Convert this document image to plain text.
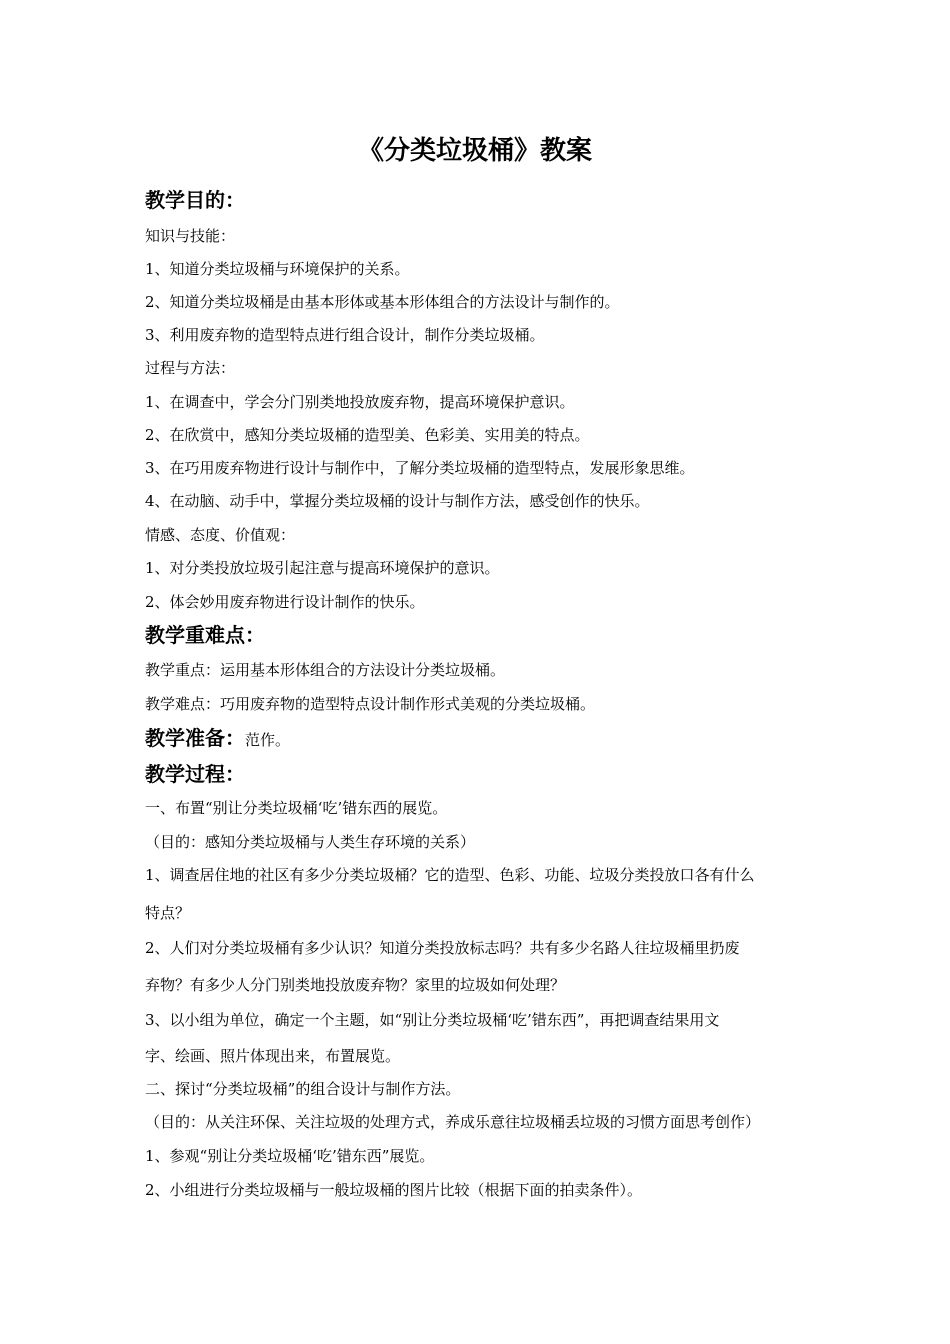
《分类垃圾桶》教案
教学目的：
知识与技能：
1、知道分类垃圾桶与环境保护的关系。
2、知道分类垃圾桶是由基本形体或基本形体组合的方法设计与制作的。
3、利用废弃物的造型特点进行组合设计，制作分类垃圾桶。
过程与方法：
1、在调查中，学会分门别类地投放废弃物，提高环境保护意识。
2、在欣赏中，感知分类垃圾桶的造型美、色彩美、实用美的特点。
3、在巧用废弃物进行设计与制作中，了解分类垃圾桶的造型特点，发展形象思维。
4、在动脑、动手中，掌握分类垃圾桶的设计与制作方法，感受创作的快乐。
情感、态度、价值观：
1、对分类投放垃圾引起注意与提高环境保护的意识。
2、体会妙用废弃物进行设计制作的快乐。
教学重难点：
教学重点：运用基本形体组合的方法设计分类垃圾桶。
教学难点：巧用废弃物的造型特点设计制作形式美观的分类垃圾桶。
教学准备：范作。
教学过程：
一、布置“别让分类垃圾桶‘吃’错东西的展览。
（目的：感知分类垃圾桶与人类生存环境的关系）
1、调查居住地的社区有多少分类垃圾桶？它的造型、色彩、功能、垃圾分类投放口各有什么
特点？
2、人们对分类垃圾桶有多少认识？知道分类投放标志吗？共有多少名路人往垃圾桶里扔废
弃物？有多少人分门别类地投放废弃物？家里的垃圾如何处理？
3、以小组为单位，确定一个主题，如“别让分类垃圾桶‘吃’错东西”，再把调查结果用文
字、绘画、照片体现出来，布置展览。
二、探讨“分类垃圾桶”的组合设计与制作方法。
（目的：从关注环保、关注垃圾的处理方式，养成乐意往垃圾桶丢垃圾的习惯方面思考创作）
1、参观“别让分类垃圾桶‘吃’错东西”展览。
2、小组进行分类垃圾桶与一般垃圾桶的图片比较（根据下面的拍卖条件）。
